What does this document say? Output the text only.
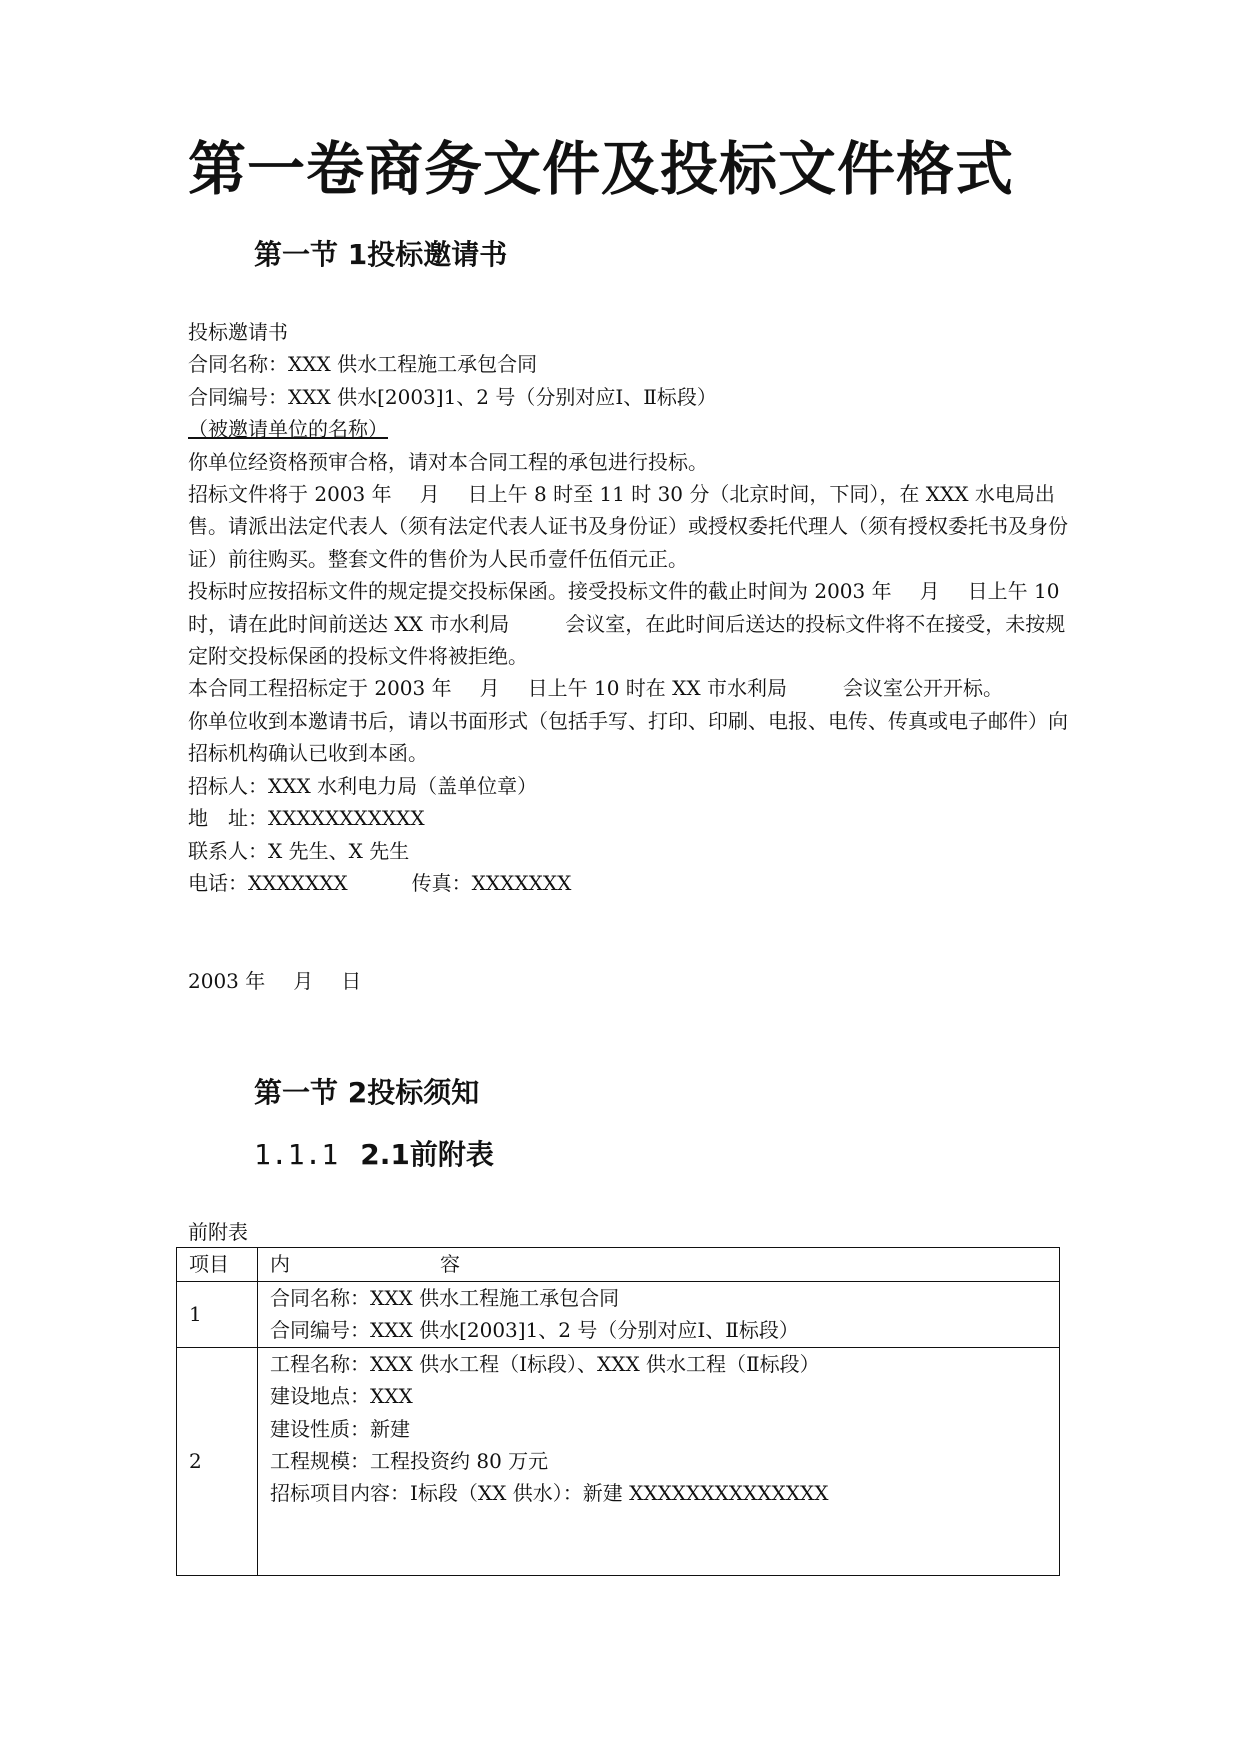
第一卷商务文件及投标文件格式
第一节 1投标邀请书

投标邀请书

合同名称：XXX 供水工程施工承包合同

合同编号：XXX 供水[2003]1、2 号（分别对应Ⅰ、Ⅱ标段）

（被邀请单位的名称）

你单位经资格预审合格，请对本合同工程的承包进行投标。

招标文件将于 2003 年 月 日上午 8 时至 11 时 30 分（北京时间，下同），在 XXX 水电局出售。请派出法定代表人（须有法定代表人证书及身份证）或授权委托代理人（须有授权委托书及身份证）前往购买。整套文件的售价为人民币壹仟伍佰元正。

投标时应按招标文件的规定提交投标保函。接受投标文件的截止时间为 2003 年 月 日上午 10 时，请在此时间前送达 XX 市水利局	会议室，在此时间后送达的投标文件将不在接受，未按规定附交投标保函的投标文件将被拒绝。

本合同工程招标定于 2003 年 月 日上午 10 时在 XX 市水利局	会议室公开开标。

你单位收到本邀请书后，请以书面形式（包括手写、打印、印刷、电报、电传、传真或电子邮件）向招标机构确认已收到本函。

招标人：XXX 水利电力局（盖单位章）

地　址：XXXXXXXXXXX

联系人：X 先生、X 先生

电话：XXXXXXX	传真：XXXXXXX

2003 年 月 日
第一节 2投标须知
1.1.1 2.1前附表
前附表
项目	内 容
1	合同名称：XXX 供水工程施工承包合同
合同编号：XXX 供水[2003]1、2 号（分别对应Ⅰ、Ⅱ标段）

2	工程名称：XXX 供水工程（Ⅰ标段）、XXX 供水工程（Ⅱ标段）
建设地点：XXX
建设性质：新建
工程规模：工程投资约 80 万元
招标项目内容：Ⅰ标段（XX 供水）：新建 XXXXXXXXXXXXXX
